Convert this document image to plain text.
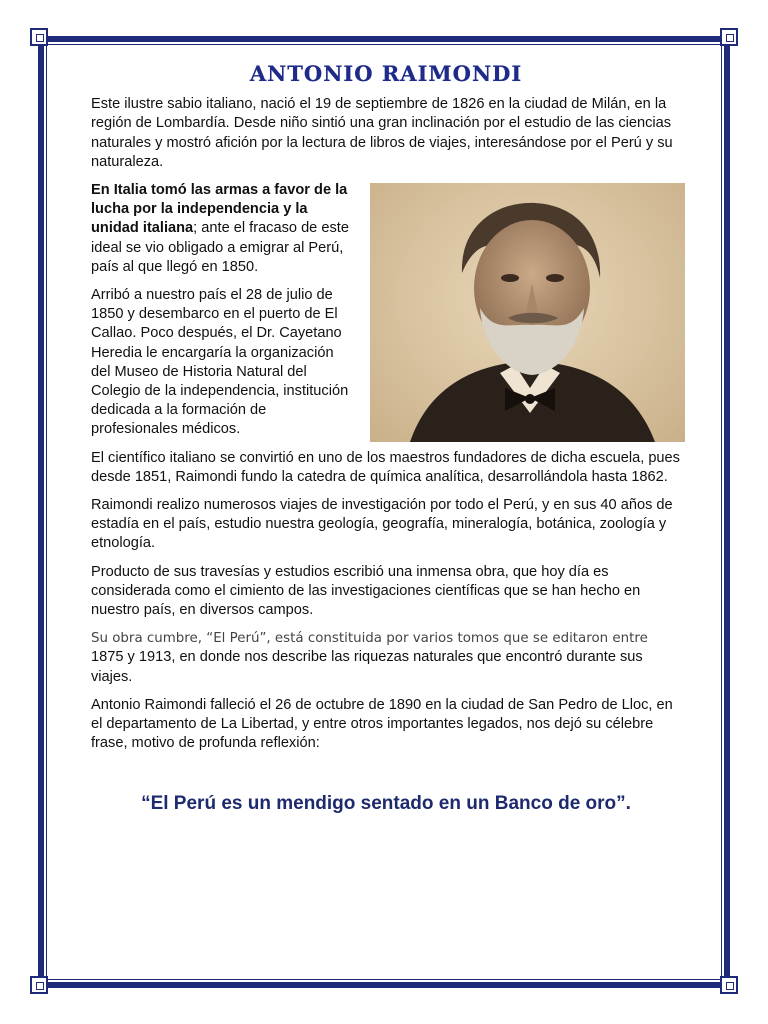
ANTONIO RAIMONDI

Este ilustre sabio italiano, nació el 19 de septiembre de 1826 en la ciudad de Milán, en la región de Lombardía. Desde niño sintió una gran inclinación por el estudio de las ciencias naturales y mostró afición por la lectura de libros de viajes, interesándose por el Perú y su naturaleza.

En Italia tomó las armas a favor de la lucha por la independencia y la unidad italiana; ante el fracaso de este ideal se vio obligado a emigrar al Perú, país al que llegó en 1850.

Arribó a nuestro país el 28 de julio de 1850 y desembarco en el puerto de El Callao. Poco después, el Dr. Cayetano Heredia le encargaría la organización del Museo de Historia Natural del Colegio de la independencia, institución dedicada a la formación de profesionales médicos.

El científico italiano se convirtió en uno de los maestros fundadores de dicha escuela, pues desde 1851, Raimondi fundo la catedra de química analítica, desarrollándola hasta 1862.

Raimondi realizo numerosos viajes de investigación por todo el Perú, y en sus 40 años de estadía en el país, estudio nuestra geología, geografía, mineralogía, botánica, zoología y etnología.

Producto de sus travesías y estudios escribió una inmensa obra, que hoy día es considerada como el cimiento de las investigaciones científicas que se han hecho en nuestro país, en diversos campos.

Su obra cumbre, “El Perú”, está constituida por varios tomos que se editaron entre 1875 y 1913, en donde nos describe las riquezas naturales que encontró durante sus viajes.

Antonio Raimondi falleció el 26 de octubre de 1890 en la ciudad de San Pedro de Lloc, en el departamento de La Libertad, y entre otros importantes legados, nos dejó su célebre frase, motivo de profunda reflexión:

“El Perú es un mendigo sentado en un Banco de oro”.
